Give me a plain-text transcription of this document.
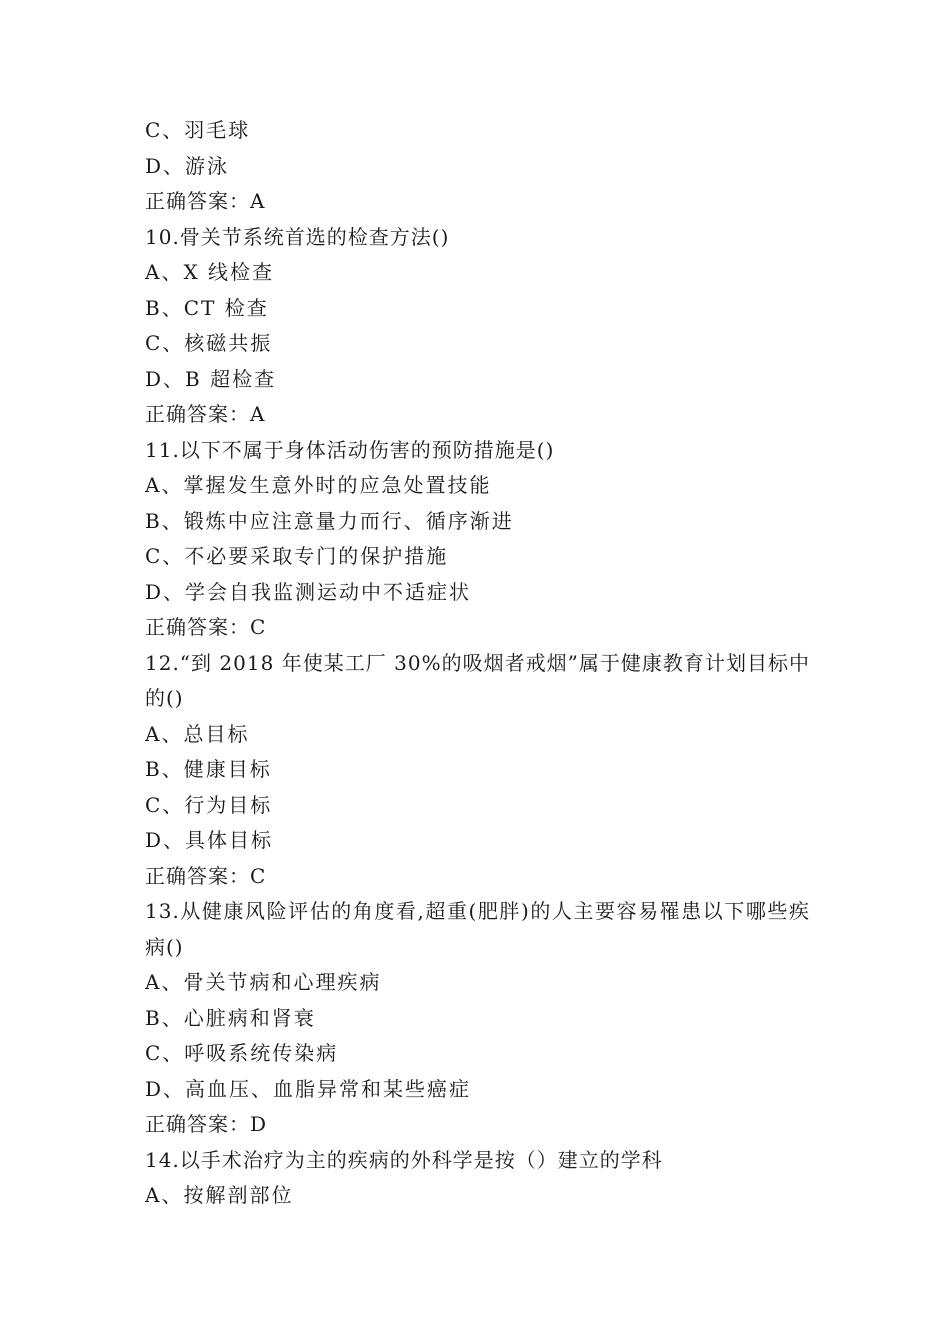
C、羽毛球
D、游泳
正确答案：A
10.骨关节系统首选的检查方法()
A、X 线检查
B、CT 检查
C、核磁共振
D、B 超检查
正确答案：A
11.以下不属于身体活动伤害的预防措施是()
A、掌握发生意外时的应急处置技能
B、锻炼中应注意量力而行、循序渐进
C、不必要采取专门的保护措施
D、学会自我监测运动中不适症状
正确答案：C
12.“到 2018 年使某工厂 30%的吸烟者戒烟”属于健康教育计划目标中的()
A、总目标
B、健康目标
C、行为目标
D、具体目标
正确答案：C
13.从健康风险评估的角度看,超重(肥胖)的人主要容易罹患以下哪些疾病()
A、骨关节病和心理疾病
B、心脏病和肾衰
C、呼吸系统传染病
D、高血压、血脂异常和某些癌症
正确答案：D
14.以手术治疗为主的疾病的外科学是按（）建立的学科
A、按解剖部位
